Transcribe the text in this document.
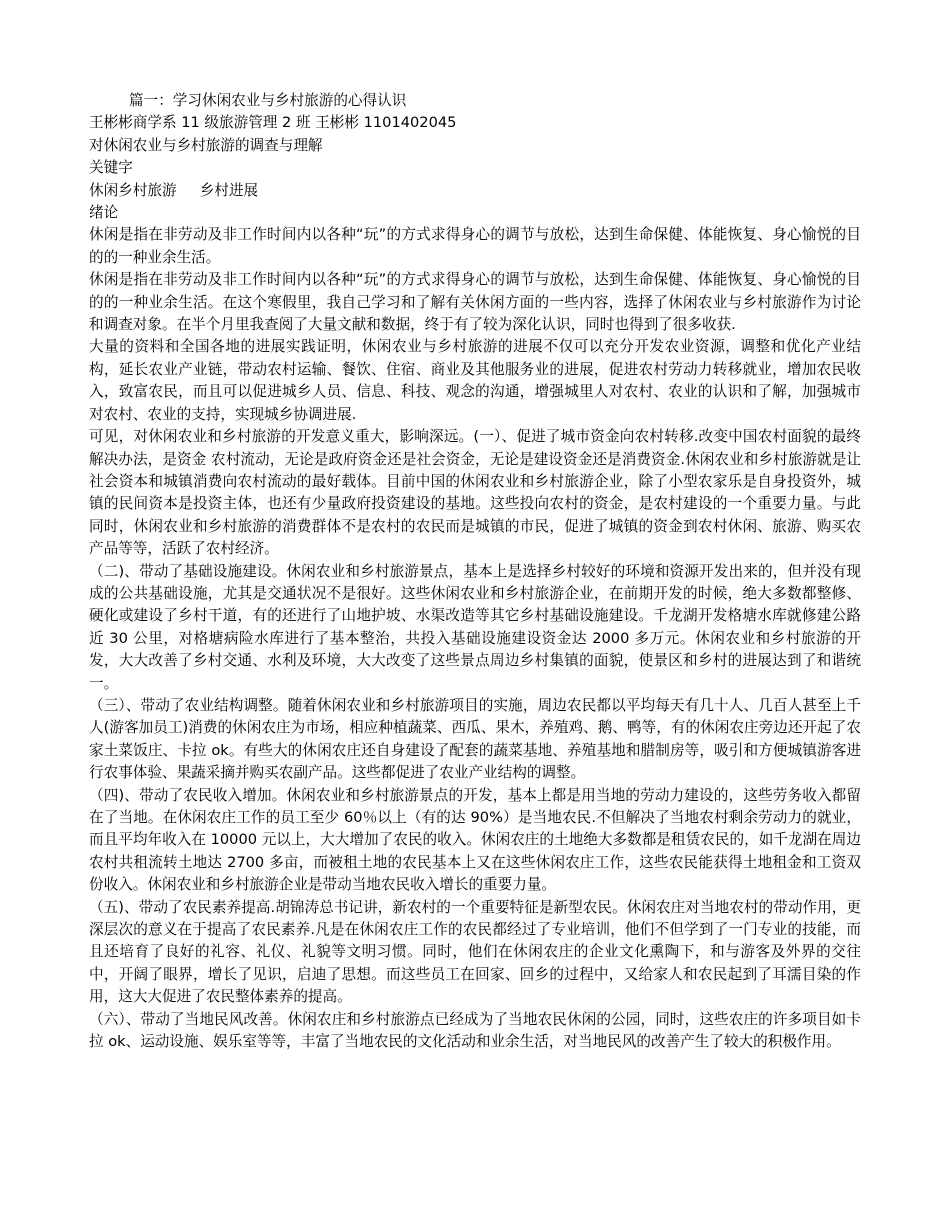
篇一：学习休闲农业与乡村旅游的心得认识

王彬彬商学系 11 级旅游管理 2 班 王彬彬 1101402045

对休闲农业与乡村旅游的调查与理解

关键字

休闲乡村旅游     乡村进展

绪论

休闲是指在非劳动及非工作时间内以各种“玩”的方式求得身心的调节与放松，达到生命保健、体能恢复、身心愉悦的目的的一种业余生活。

休闲是指在非劳动及非工作时间内以各种“玩”的方式求得身心的调节与放松，达到生命保健、体能恢复、身心愉悦的目的的一种业余生活。在这个寒假里，我自己学习和了解有关休闲方面的一些内容，选择了休闲农业与乡村旅游作为讨论和调查对象。在半个月里我查阅了大量文献和数据，终于有了较为深化认识，同时也得到了很多收获.

大量的资料和全国各地的进展实践证明，休闲农业与乡村旅游的进展不仅可以充分开发农业资源，调整和优化产业结构，延长农业产业链，带动农村运输、餐饮、住宿、商业及其他服务业的进展，促进农村劳动力转移就业，增加农民收入，致富农民，而且可以促进城乡人员、信息、科技、观念的沟通，增强城里人对农村、农业的认识和了解，加强城市对农村、农业的支持，实现城乡协调进展.

可见，对休闲农业和乡村旅游的开发意义重大，影响深远。(一）、促进了城市资金向农村转移.改变中国农村面貌的最终解决办法，是资金 农村流动，无论是政府资金还是社会资金，无论是建设资金还是消费资金.休闲农业和乡村旅游就是让社会资本和城镇消费向农村流动的最好载体。目前中国的休闲农业和乡村旅游企业，除了小型农家乐是自身投资外，城镇的民间资本是投资主体，也还有少量政府投资建设的基地。这些投向农村的资金，是农村建设的一个重要力量。与此同时，休闲农业和乡村旅游的消费群体不是农村的农民而是城镇的市民，促进了城镇的资金到农村休闲、旅游、购买农产品等等，活跃了农村经济。

（二)、带动了基础设施建设。休闲农业和乡村旅游景点，基本上是选择乡村较好的环境和资源开发出来的，但并没有现成的公共基础设施，尤其是交通状况不是很好。这些休闲农业和乡村旅游企业，在前期开发的时候，绝大多数都整修、硬化或建设了乡村干道，有的还进行了山地护坡、水渠改造等其它乡村基础设施建设。千龙湖开发格塘水库就修建公路近 30 公里，对格塘病险水库进行了基本整治，共投入基础设施建设资金达 2000 多万元。休闲农业和乡村旅游的开发，大大改善了乡村交通、水利及环境，大大改变了这些景点周边乡村集镇的面貌，使景区和乡村的进展达到了和谐统一。

（三）、带动了农业结构调整。随着休闲农业和乡村旅游项目的实施，周边农民都以平均每天有几十人、几百人甚至上千人(游客加员工)消费的休闲农庄为市场，相应种植蔬菜、西瓜、果木，养殖鸡、鹅、鸭等，有的休闲农庄旁边还开起了农家土菜饭庄、卡拉 ok。有些大的休闲农庄还自身建设了配套的蔬菜基地、养殖基地和腊制房等，吸引和方便城镇游客进行农事体验、果蔬采摘并购买农副产品。这些都促进了农业产业结构的调整。

（四)、带动了农民收入增加。休闲农业和乡村旅游景点的开发，基本上都是用当地的劳动力建设的，这些劳务收入都留在了当地。在休闲农庄工作的员工至少 60％以上（有的达 90%）是当地农民.不但解决了当地农村剩余劳动力的就业，而且平均年收入在 10000 元以上，大大增加了农民的收入。休闲农庄的土地绝大多数都是租赁农民的，如千龙湖在周边农村共租流转土地达 2700 多亩，而被租土地的农民基本上又在这些休闲农庄工作，这些农民能获得土地租金和工资双份收入。休闲农业和乡村旅游企业是带动当地农民收入增长的重要力量。

（五)、带动了农民素养提高.胡锦涛总书记讲，新农村的一个重要特征是新型农民。休闲农庄对当地农村的带动作用，更深层次的意义在于提高了农民素养.凡是在休闲农庄工作的农民都经过了专业培训，他们不但学到了一门专业的技能，而且还培育了良好的礼容、礼仪、礼貌等文明习惯。同时，他们在休闲农庄的企业文化熏陶下，和与游客及外界的交往中，开阔了眼界，增长了见识，启迪了思想。而这些员工在回家、回乡的过程中，又给家人和农民起到了耳濡目染的作用，这大大促进了农民整体素养的提高。

（六）、带动了当地民风改善。休闲农庄和乡村旅游点已经成为了当地农民休闲的公园，同时，这些农庄的许多项目如卡拉 ok、运动设施、娱乐室等等，丰富了当地农民的文化活动和业余生活，对当地民风的改善产生了较大的积极作用。
